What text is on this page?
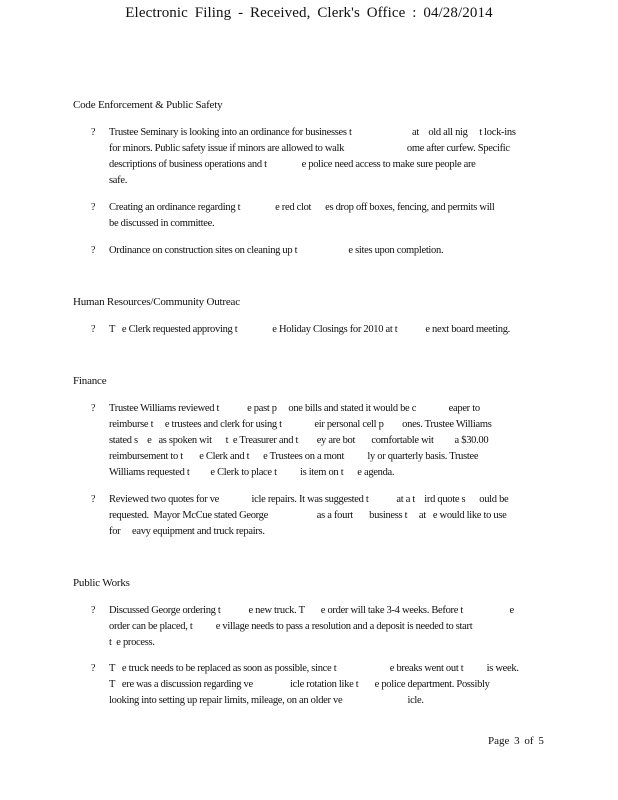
Electronic Filing - Received, Clerk's Office : 04/28/2014
Code Enforcement & Public Safety
? Trustee Seminary is looking into an ordinance for businesses t                          at    old all nig     t lock-ins
for minors. Public safety issue if minors are allowed to walk                           ome after curfew. Specific
descriptions of business operations and t               e police need access to make sure people are
safe.
? Creating an ordinance regarding t               e red clot      es drop off boxes, fencing, and permits will
be discussed in committee.
? Ordinance on construction sites on cleaning up t                      e sites upon completion.
Human Resources/Community Outreac
? T   e Clerk requested approving t               e Holiday Closings for 2010 at t            e next board meeting.
Finance
? Trustee Williams reviewed t            e past p     one bills and stated it would be c              eaper to
reimburse t     e trustees and clerk for using t              eir personal cell p        ones. Trustee Williams
stated s    e   as spoken wit      t  e Treasurer and t        ey are bot       comfortable wit         a $30.00
reimbursement to t       e Clerk and t      e Trustees on a mont          ly or quarterly basis. Trustee
Williams requested t         e Clerk to place t          is item on t      e agenda.
? Reviewed two quotes for ve              icle repairs. It was suggested t            at a t    ird quote s      ould be
requested.  Mayor McCue stated George                     as a fourt       business t     at   e would like to use
for     eavy equipment and truck repairs.
Public Works
? Discussed George ordering t            e new truck. T       e order will take 3-4 weeks. Before t                    e
order can be placed, t          e village needs to pass a resolution and a deposit is needed to start
t  e process.
? T   e truck needs to be replaced as soon as possible, since t                       e breaks went out t          is week.
T   ere was a discussion regarding ve                icle rotation like t       e police department. Possibly
looking into setting up repair limits, mileage, on an older ve                            icle.
Page 3 of 5
